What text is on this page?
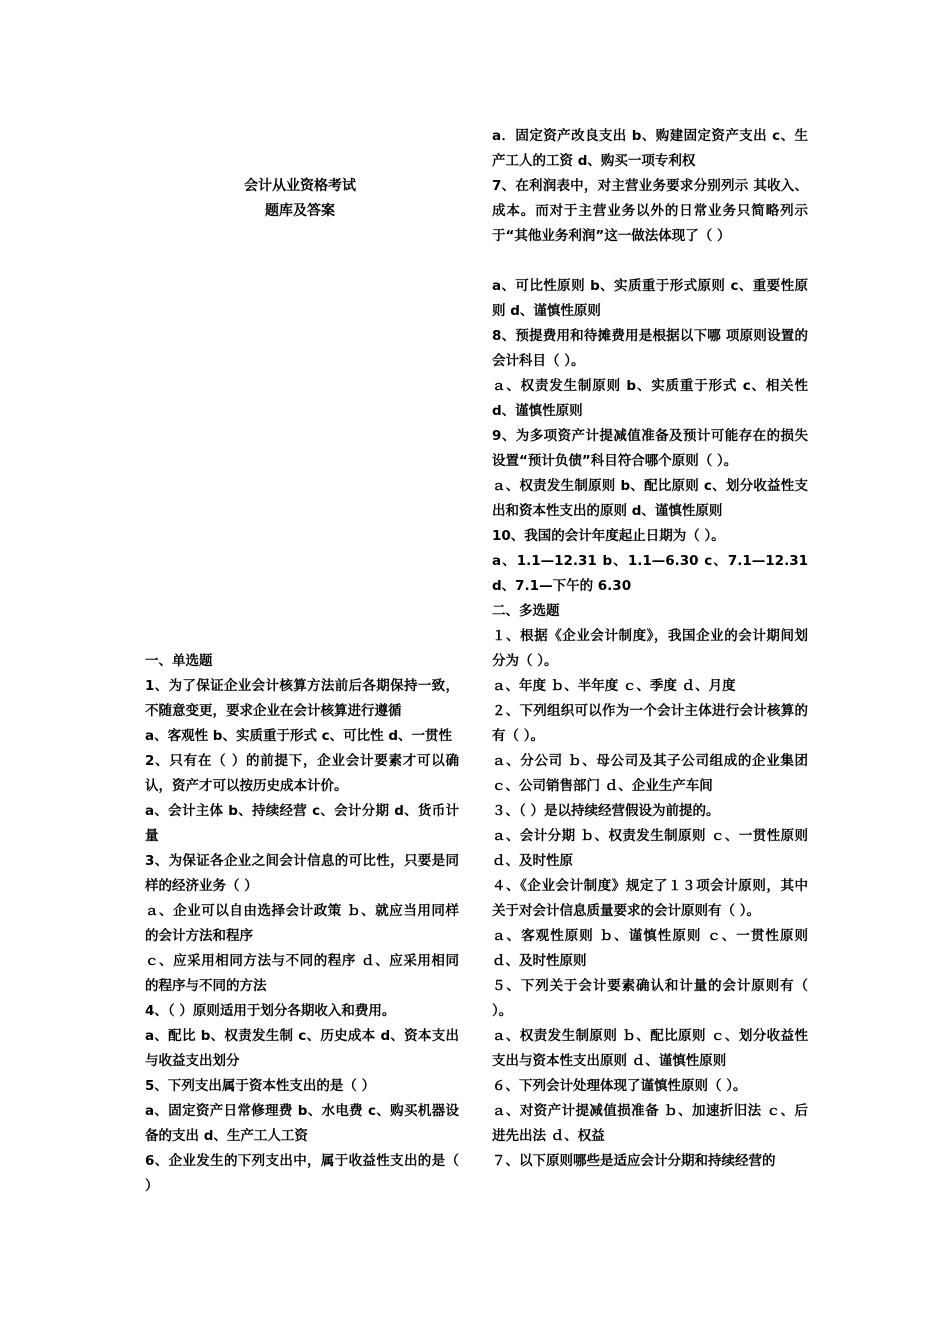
会计从业资格考试
题库及答案

一、单选题

1、为了保证企业会计核算方法前后各期保持一致，不随意变更，要求企业在会计核算进行遵循

a、客观性 b、实质重于形式 c、可比性 d、一贯性

2、只有在（ ）的前提下，企业会计要素才可以确认，资产才可以按历史成本计价。

a、会计主体 b、持续经营 c、会计分期 d、货币计量

3、为保证各企业之间会计信息的可比性，只要是同样的经济业务（ ）

ａ、企业可以自由选择会计政策 ｂ、就应当用同样的会计方法和程序

ｃ、应采用相同方法与不同的程序 ｄ、应采用相同的程序与不同的方法

4、（ ）原则适用于划分各期收入和费用。

a、配比 b、权责发生制 c、历史成本 d、资本支出与收益支出划分

5、下列支出属于资本性支出的是（ ）

a、固定资产日常修理费 b、水电费 c、购买机器设备的支出 d、生产工人工资

6、企业发生的下列支出中，属于收益性支出的是（ ）

a．固定资产改良支出 b、购建固定资产支出 c、生产工人的工资 d、购买一项专利权

7、在利润表中，对主营业务要求分别列示 其收入、成本。而对于主营业务以外的日常业务只简略列示于“其他业务利润”这一做法体现了（ ）

a、可比性原则 b、实质重于形式原则 c、重要性原则 d、谨慎性原则

8、预提费用和待摊费用是根据以下哪 项原则设置的会计科目（ ）。

ａ、权责发生制原则 b、实质重于形式 c、相关性 d、谨慎性原则

9、为多项资产计提减值准备及预计可能存在的损失设置“预计负债”科目符合哪个原则（ ）。

ａ、权责发生制原则 b、配比原则 c、划分收益性支出和资本性支出的原则 d、谨慎性原则

10、我国的会计年度起止日期为（ ）。

a、1.1—12.31 b、1.1—6.30 c、7.1—12.31 d、7.1—下午的 6.30

二、多选题

１、根据《企业会计制度》，我国企业的会计期间划分为（ ）。

ａ、年度 ｂ、半年度 ｃ、季度 ｄ、月度

２、下列组织可以作为一个会计主体进行会计核算的有（ ）。

ａ、分公司 ｂ、母公司及其子公司组成的企业集团 ｃ、公司销售部门 ｄ、企业生产车间

３、（ ）是以持续经营假设为前提的。

ａ、会计分期 ｂ、权责发生制原则 ｃ、一贯性原则 ｄ、及时性原

４、《企业会计制度》规定了１３项会计原则，其中关于对会计信息质量要求的会计原则有（ ）。

ａ、客观性原则 ｂ、谨慎性原则 ｃ、一贯性原则 ｄ、及时性原则

５、下列关于会计要素确认和计量的会计原则有（ ）。

ａ、权责发生制原则 ｂ、配比原则 ｃ、划分收益性支出与资本性支出原则 ｄ、谨慎性原则

６、下列会计处理体现了谨慎性原则（ ）。

ａ、对资产计提减值损准备 ｂ、加速折旧法 ｃ、后进先出法 ｄ、权益

７、以下原则哪些是适应会计分期和持续经营的
